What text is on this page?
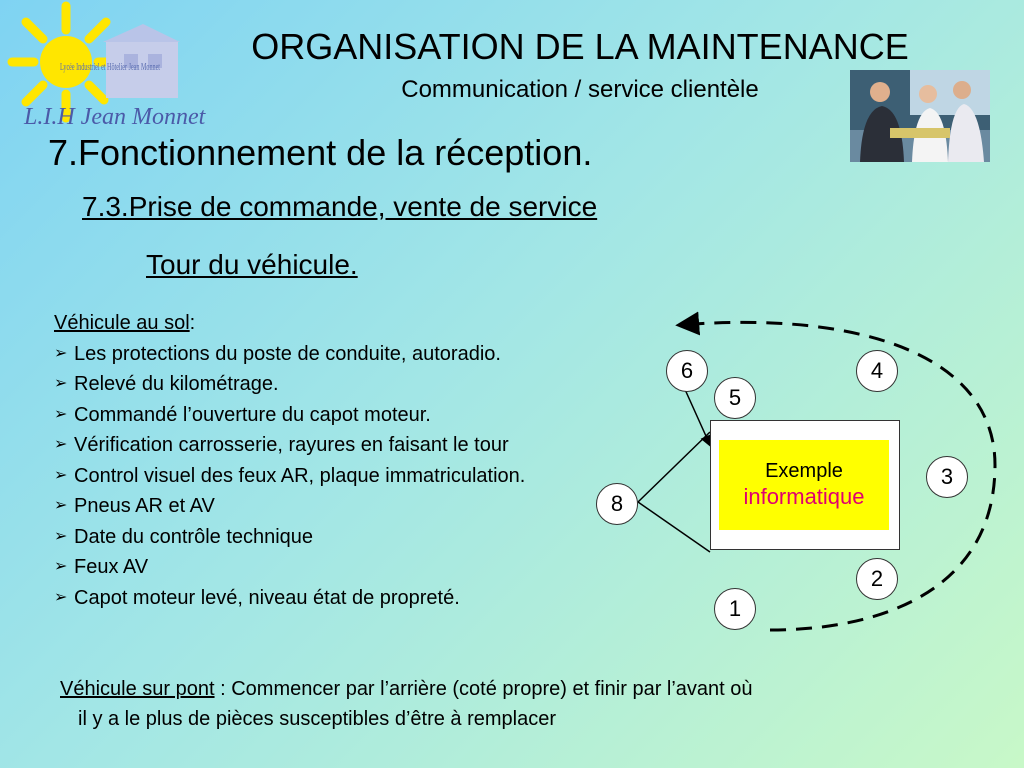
Lycée Industriel et Hôtelier Jean Monnet
L.I.H Jean Monnet
ORGANISATION DE LA MAINTENANCE
Communication / service clientèle
7.Fonctionnement de la réception.
7.3.Prise de commande, vente de service
Tour du véhicule.
Véhicule au sol:
➢ Les protections du poste de conduite, autoradio.
➢ Relevé du kilométrage.
➢ Commandé l’ouverture du capot moteur.
➢ Vérification carrosserie, rayures en faisant le tour
➢ Control visuel des feux AR, plaque immatriculation.
➢ Pneus AR et AV
➢ Date du contrôle technique
➢ Feux AV
➢ Capot moteur levé, niveau état de propreté.
Exemple
informatique
6
5
4
3
8
2
1
Véhicule sur pont : Commencer par l’arrière (coté propre) et finir par l’avant où
il y a le plus de pièces susceptibles d’être à remplacer
